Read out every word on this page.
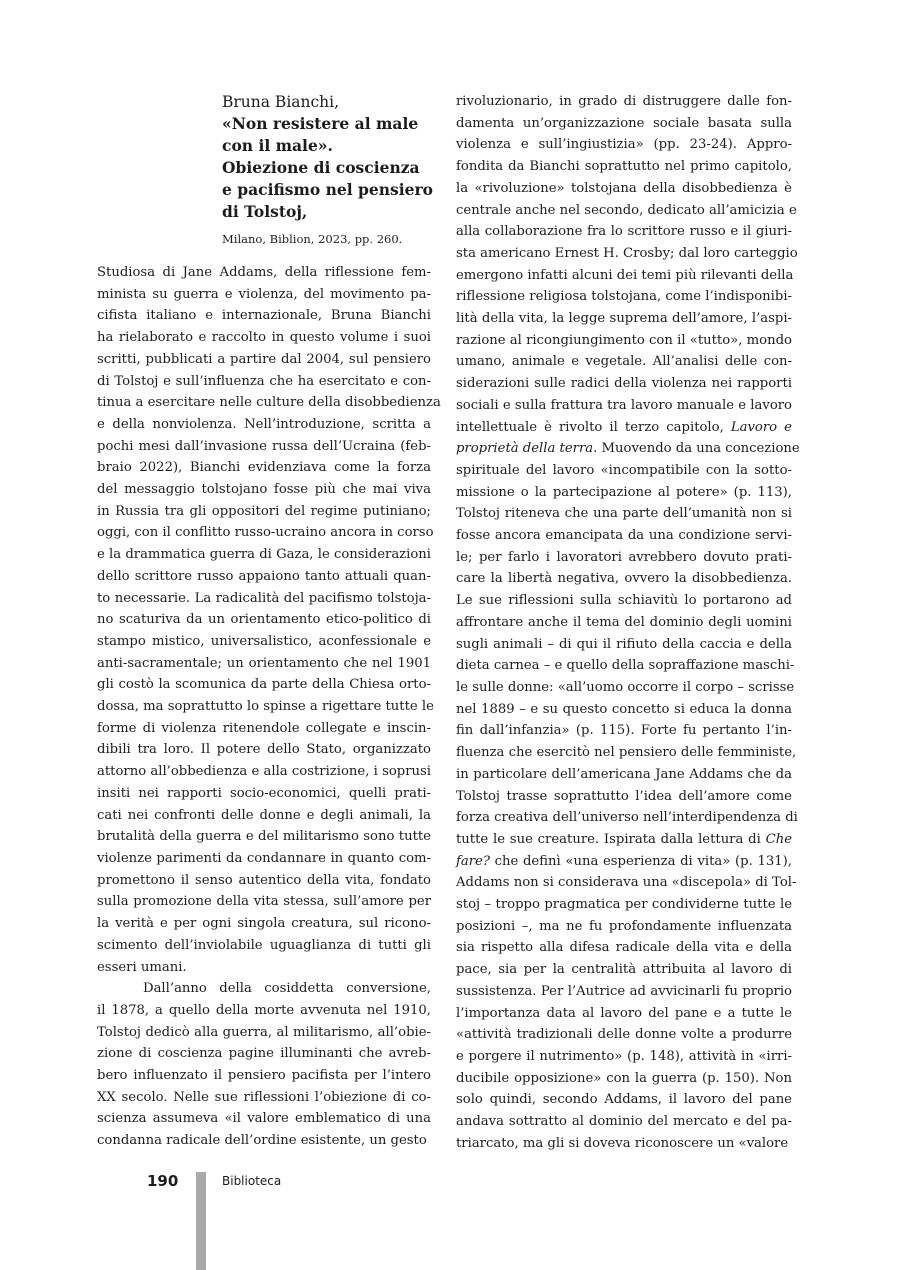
Bruna Bianchi,
«Non resistere al male
con il male».
Obiezione di coscienza
e pacifismo nel pensiero
di Tolstoj,
Milano, Biblion, 2023, pp. 260.
Studiosa di Jane Addams, della riflessione fem-
minista su guerra e violenza, del movimento pa-
cifista italiano e internazionale, Bruna Bianchi
ha rielaborato e raccolto in questo volume i suoi
scritti, pubblicati a partire dal 2004, sul pensiero
di Tolstoj e sull’influenza che ha esercitato e con-
tinua a esercitare nelle culture della disobbedienza
e della nonviolenza. Nell’introduzione, scritta a
pochi mesi dall’invasione russa dell’Ucraina (feb-
braio 2022), Bianchi evidenziava come la forza
del messaggio tolstojano fosse più che mai viva
in Russia tra gli oppositori del regime putiniano;
oggi, con il conflitto russo-ucraino ancora in corso
e la drammatica guerra di Gaza, le considerazioni
dello scrittore russo appaiono tanto attuali quan-
to necessarie. La radicalità del pacifismo tolstoja-
no scaturiva da un orientamento etico-politico di
stampo mistico, universalistico, aconfessionale e
anti-sacramentale; un orientamento che nel 1901
gli costò la scomunica da parte della Chiesa orto-
dossa, ma soprattutto lo spinse a rigettare tutte le
forme di violenza ritenendole collegate e inscin-
dibili tra loro. Il potere dello Stato, organizzato
attorno all’obbedienza e alla costrizione, i soprusi
insiti nei rapporti socio-economici, quelli prati-
cati nei confronti delle donne e degli animali, la
brutalità della guerra e del militarismo sono tutte
violenze parimenti da condannare in quanto com-
promettono il senso autentico della vita, fondato
sulla promozione della vita stessa, sull’amore per
la verità e per ogni singola creatura, sul ricono-
scimento dell’inviolabile uguaglianza di tutti gli
esseri umani.
Dall’anno della cosiddetta conversione,
il 1878, a quello della morte avvenuta nel 1910,
Tolstoj dedicò alla guerra, al militarismo, all’obie-
zione di coscienza pagine illuminanti che avreb-
bero influenzato il pensiero pacifista per l’intero
XX secolo. Nelle sue riflessioni l’obiezione di co-
scienza assumeva «il valore emblematico di una
condanna radicale dell’ordine esistente, un gesto
rivoluzionario, in grado di distruggere dalle fon-
damenta un’organizzazione sociale basata sulla
violenza e sull’ingiustizia» (pp. 23-24). Appro-
fondita da Bianchi soprattutto nel primo capitolo,
la «rivoluzione» tolstojana della disobbedienza è
centrale anche nel secondo, dedicato all’amicizia e
alla collaborazione fra lo scrittore russo e il giuri-
sta americano Ernest H. Crosby; dal loro carteggio
emergono infatti alcuni dei temi più rilevanti della
riflessione religiosa tolstojana, come l’indisponibi-
lità della vita, la legge suprema dell’amore, l’aspi-
razione al ricongiungimento con il «tutto», mondo
umano, animale e vegetale. All’analisi delle con-
siderazioni sulle radici della violenza nei rapporti
sociali e sulla frattura tra lavoro manuale e lavoro
intellettuale è rivolto il terzo capitolo, Lavoro e
proprietà della terra. Muovendo da una concezione
spirituale del lavoro «incompatibile con la sotto-
missione o la partecipazione al potere» (p. 113),
Tolstoj riteneva che una parte dell’umanità non si
fosse ancora emancipata da una condizione servi-
le; per farlo i lavoratori avrebbero dovuto prati-
care la libertà negativa, ovvero la disobbedienza.
Le sue riflessioni sulla schiavitù lo portarono ad
affrontare anche il tema del dominio degli uomini
sugli animali – di qui il rifiuto della caccia e della
dieta carnea – e quello della sopraffazione maschi-
le sulle donne: «all’uomo occorre il corpo – scrisse
nel 1889 – e su questo concetto si educa la donna
fin dall’infanzia» (p. 115). Forte fu pertanto l’in-
fluenza che esercitò nel pensiero delle femministe,
in particolare dell’americana Jane Addams che da
Tolstoj trasse soprattutto l’idea dell’amore come
forza creativa dell’universo nell’interdipendenza di
tutte le sue creature. Ispirata dalla lettura di Che
fare? che definì «una esperienza di vita» (p. 131),
Addams non si considerava una «discepola» di Tol-
stoj – troppo pragmatica per condividerne tutte le
posizioni –, ma ne fu profondamente influenzata
sia rispetto alla difesa radicale della vita e della
pace, sia per la centralità attribuita al lavoro di
sussistenza. Per l’Autrice ad avvicinarli fu proprio
l’importanza data al lavoro del pane e a tutte le
«attività tradizionali delle donne volte a produrre
e porgere il nutrimento» (p. 148), attività in «irri-
ducibile opposizione» con la guerra (p. 150). Non
solo quindi, secondo Addams, il lavoro del pane
andava sottratto al dominio del mercato e del pa-
triarcato, ma gli si doveva riconoscere un «valore
190	Biblioteca
